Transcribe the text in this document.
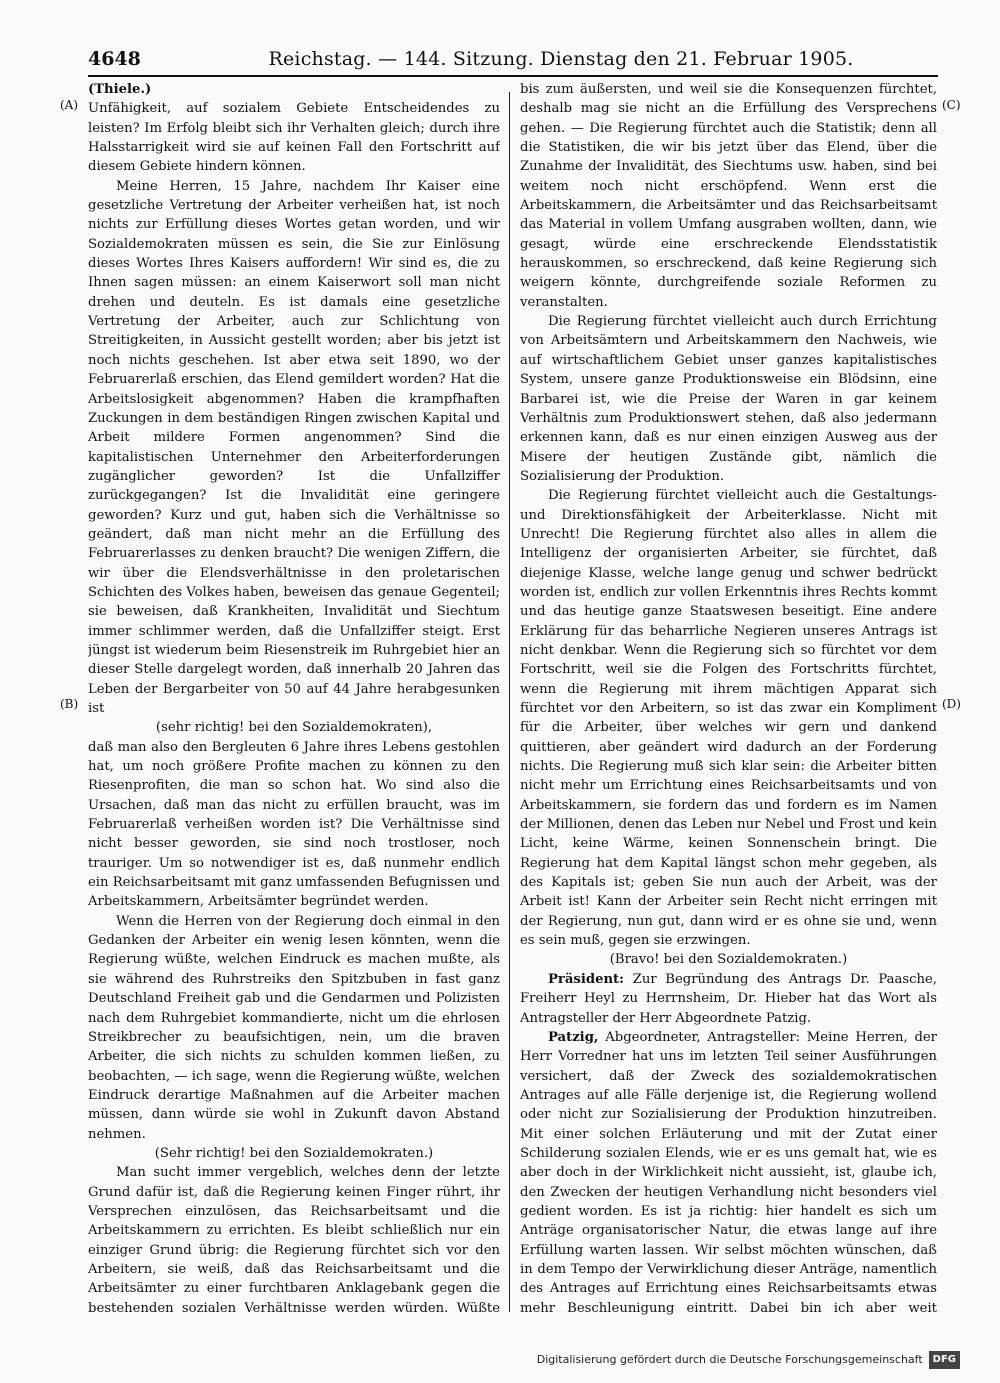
4648	Reichstag. — 144. Sitzung. Dienstag den 21. Februar 1905.
(A)
(B)
(C)
(D)

(Thiele.)

Unfähigkeit, auf sozialem Gebiete Entscheidendes zu leisten? Im Erfolg bleibt sich ihr Verhalten gleich; durch ihre Halsstarrigkeit wird sie auf keinen Fall den Fortschritt auf diesem Gebiete hindern können.

Meine Herren, 15 Jahre, nachdem Ihr Kaiser eine gesetzliche Vertretung der Arbeiter verheißen hat, ist noch nichts zur Erfüllung dieses Wortes getan worden, und wir Sozialdemokraten müssen es sein, die Sie zur Einlösung dieses Wortes Ihres Kaisers auffordern! Wir sind es, die zu Ihnen sagen müssen: an einem Kaiserwort soll man nicht drehen und deuteln. Es ist damals eine gesetzliche Vertretung der Arbeiter, auch zur Schlichtung von Streitigkeiten, in Aussicht gestellt worden; aber bis jetzt ist noch nichts geschehen. Ist aber etwa seit 1890, wo der Februarerlaß erschien, das Elend gemildert worden? Hat die Arbeitslosigkeit abgenommen? Haben die krampfhaften Zuckungen in dem beständigen Ringen zwischen Kapital und Arbeit mildere Formen angenommen? Sind die kapitalistischen Unternehmer den Arbeiterforderungen zugänglicher geworden? Ist die Unfallziffer zurückgegangen? Ist die Invalidität eine geringere geworden? Kurz und gut, haben sich die Verhältnisse so geändert, daß man nicht mehr an die Erfüllung des Februarerlasses zu denken braucht? Die wenigen Ziffern, die wir über die Elendsverhältnisse in den proletarischen Schichten des Volkes haben, beweisen das genaue Gegenteil; sie beweisen, daß Krankheiten, Invalidität und Siechtum immer schlimmer werden, daß die Unfallziffer steigt. Erst jüngst ist wiederum beim Riesenstreik im Ruhrgebiet hier an dieser Stelle dargelegt worden, daß innerhalb 20 Jahren das Leben der Bergarbeiter von 50 auf 44 Jahre herabgesunken ist

(sehr richtig! bei den Sozialdemokraten),

daß man also den Bergleuten 6 Jahre ihres Lebens gestohlen hat, um noch größere Profite machen zu können zu den Riesenprofiten, die man so schon hat. Wo sind also die Ursachen, daß man das nicht zu erfüllen braucht, was im Februarerlaß verheißen worden ist? Die Verhältnisse sind nicht besser geworden, sie sind noch trostloser, noch trauriger. Um so notwendiger ist es, daß nunmehr endlich ein Reichsarbeitsamt mit ganz umfassenden Befugnissen und Arbeitskammern, Arbeitsämter begründet werden.

Wenn die Herren von der Regierung doch einmal in den Gedanken der Arbeiter ein wenig lesen könnten, wenn die Regierung wüßte, welchen Eindruck es machen mußte, als sie während des Ruhrstreiks den Spitzbuben in fast ganz Deutschland Freiheit gab und die Gendarmen und Polizisten nach dem Ruhrgebiet kommandierte, nicht um die ehrlosen Streikbrecher zu beaufsichtigen, nein, um die braven Arbeiter, die sich nichts zu schulden kommen ließen, zu beobachten, — ich sage, wenn die Regierung wüßte, welchen Eindruck derartige Maßnahmen auf die Arbeiter machen müssen, dann würde sie wohl in Zukunft davon Abstand nehmen.

(Sehr richtig! bei den Sozialdemokraten.)

Man sucht immer vergeblich, welches denn der letzte Grund dafür ist, daß die Regierung keinen Finger rührt, ihr Versprechen einzulösen, das Reichsarbeitsamt und die Arbeitskammern zu errichten. Es bleibt schließlich nur ein einziger Grund übrig: die Regierung fürchtet sich vor den Arbeitern, sie weiß, daß das Reichsarbeitsamt und die Arbeitsämter zu einer furchtbaren Anklagebank gegen die bestehenden sozialen Verhältnisse werden würden. Wüßte

bis zum äußersten, und weil sie die Konsequenzen fürchtet, deshalb mag sie nicht an die Erfüllung des Versprechens gehen. — Die Regierung fürchtet auch die Statistik; denn all die Statistiken, die wir bis jetzt über das Elend, über die Zunahme der Invalidität, des Siechtums usw. haben, sind bei weitem noch nicht erschöpfend. Wenn erst die Arbeitskammern, die Arbeitsämter und das Reichsarbeitsamt das Material in vollem Umfang ausgraben wollten, dann, wie gesagt, würde eine erschreckende Elendsstatistik herauskommen, so erschreckend, daß keine Regierung sich weigern könnte, durchgreifende soziale Reformen zu veranstalten.

Die Regierung fürchtet vielleicht auch durch Errichtung von Arbeitsämtern und Arbeitskammern den Nachweis, wie auf wirtschaftlichem Gebiet unser ganzes kapitalistisches System, unsere ganze Produktionsweise ein Blödsinn, eine Barbarei ist, wie die Preise der Waren in gar keinem Verhältnis zum Produktionswert stehen, daß also jedermann erkennen kann, daß es nur einen einzigen Ausweg aus der Misere der heutigen Zustände gibt, nämlich die Sozialisierung der Produktion.

Die Regierung fürchtet vielleicht auch die Gestaltungs- und Direktionsfähigkeit der Arbeiterklasse. Nicht mit Unrecht! Die Regierung fürchtet also alles in allem die Intelligenz der organisierten Arbeiter, sie fürchtet, daß diejenige Klasse, welche lange genug und schwer bedrückt worden ist, endlich zur vollen Erkenntnis ihres Rechts kommt und das heutige ganze Staatswesen beseitigt. Eine andere Erklärung für das beharrliche Negieren unseres Antrags ist nicht denkbar. Wenn die Regierung sich so fürchtet vor dem Fortschritt, weil sie die Folgen des Fortschritts fürchtet, wenn die Regierung mit ihrem mächtigen Apparat sich fürchtet vor den Arbeitern, so ist das zwar ein Kompliment für die Arbeiter, über welches wir gern und dankend quittieren, aber geändert wird dadurch an der Forderung nichts. Die Regierung muß sich klar sein: die Arbeiter bitten nicht mehr um Errichtung eines Reichsarbeitsamts und von Arbeitskammern, sie fordern das und fordern es im Namen der Millionen, denen das Leben nur Nebel und Frost und kein Licht, keine Wärme, keinen Sonnenschein bringt. Die Regierung hat dem Kapital längst schon mehr gegeben, als des Kapitals ist; geben Sie nun auch der Arbeit, was der Arbeit ist! Kann der Arbeiter sein Recht nicht erringen mit der Regierung, nun gut, dann wird er es ohne sie und, wenn es sein muß, gegen sie erzwingen.

(Bravo! bei den Sozialdemokraten.)

Präsident: Zur Begründung des Antrags Dr. Paasche, Freiherr Heyl zu Herrnsheim, Dr. Hieber hat das Wort als Antragsteller der Herr Abgeordnete Patzig.

Patzig, Abgeordneter, Antragsteller: Meine Herren, der Herr Vorredner hat uns im letzten Teil seiner Ausführungen versichert, daß der Zweck des sozialdemokratischen Antrages auf alle Fälle derjenige ist, die Regierung wollend oder nicht zur Sozialisierung der Produktion hinzutreiben. Mit einer solchen Erläuterung und mit der Zutat einer Schilderung sozialen Elends, wie er es uns gemalt hat, wie es aber doch in der Wirklichkeit nicht aussieht, ist, glaube ich, den Zwecken der heutigen Verhandlung nicht besonders viel gedient worden. Es ist ja richtig: hier handelt es sich um Anträge organisatorischer Natur, die etwas lange auf ihre Erfüllung warten lassen. Wir selbst möchten wünschen, daß in dem Tempo der Verwirklichung dieser Anträge, namentlich des Antrages auf Errichtung eines Reichsarbeitsamts etwas mehr Beschleunigung eintritt. Dabei bin ich aber weit

Digitalisierung gefördert durch die Deutsche Forschungsgemeinschaft	DFG
